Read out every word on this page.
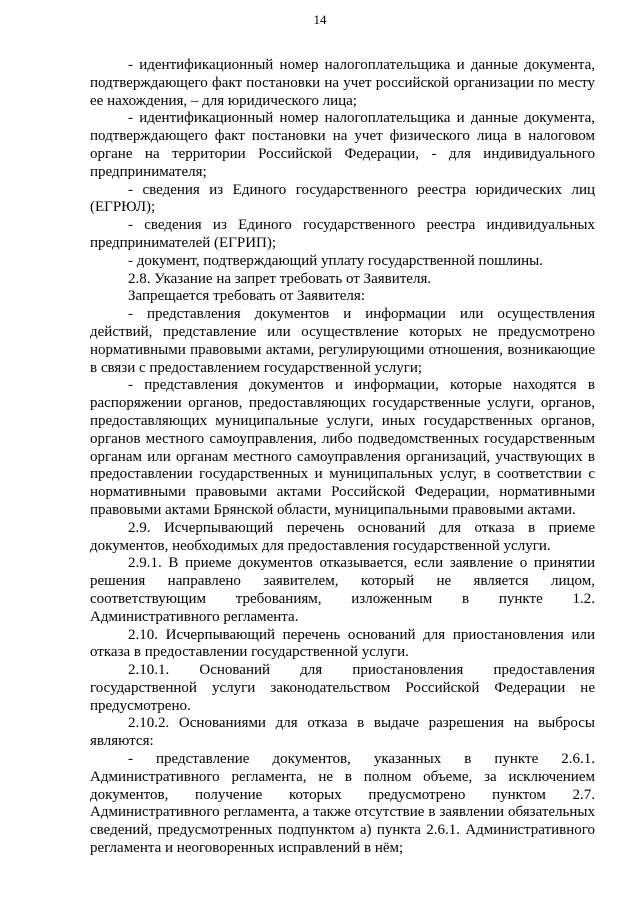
14

- идентификационный номер налогоплательщика и данные документа, подтверждающего факт постановки на учет российской организации по месту ее нахождения, – для юридического лица;

- идентификационный номер налогоплательщика и данные документа, подтверждающего факт постановки на учет физического лица в налоговом органе на территории Российской Федерации, - для индивидуального предпринимателя;

- сведения из Единого государственного реестра юридических лиц (ЕГРЮЛ);

- сведения из Единого государственного реестра индивидуальных предпринимателей (ЕГРИП);

- документ, подтверждающий уплату государственной пошлины.

2.8. Указание на запрет требовать от Заявителя.

Запрещается требовать от Заявителя:

- представления документов и информации или осуществления действий, представление или осуществление которых не предусмотрено нормативными правовыми актами, регулирующими отношения, возникающие в связи с предоставлением государственной услуги;

- представления документов и информации, которые находятся в распоряжении органов, предоставляющих государственные услуги, органов, предоставляющих муниципальные услуги, иных государственных органов, органов местного самоуправления, либо подведомственных государственным органам или органам местного самоуправления организаций, участвующих в предоставлении государственных и муниципальных услуг, в соответствии с нормативными правовыми актами Российской Федерации, нормативными правовыми актами Брянской области, муниципальными правовыми актами.

2.9. Исчерпывающий перечень оснований для отказа в приеме документов, необходимых для предоставления государственной услуги.

2.9.1. В приеме документов отказывается, если заявление о принятии решения направлено заявителем, который не является лицом, соответствующим требованиям, изложенным в пункте 1.2. Административного регламента.

2.10. Исчерпывающий перечень оснований для приостановления или отказа в предоставлении государственной услуги.

2.10.1. Оснований для приостановления предоставления государственной услуги законодательством Российской Федерации не предусмотрено.

2.10.2. Основаниями для отказа в выдаче разрешения на выбросы являются:

- представление документов, указанных в пункте 2.6.1. Административного регламента, не в полном объеме, за исключением документов, получение которых предусмотрено пунктом 2.7. Административного регламента, а также отсутствие в заявлении обязательных сведений, предусмотренных подпунктом а) пункта 2.6.1. Административного регламента и неоговоренных исправлений в нём;
